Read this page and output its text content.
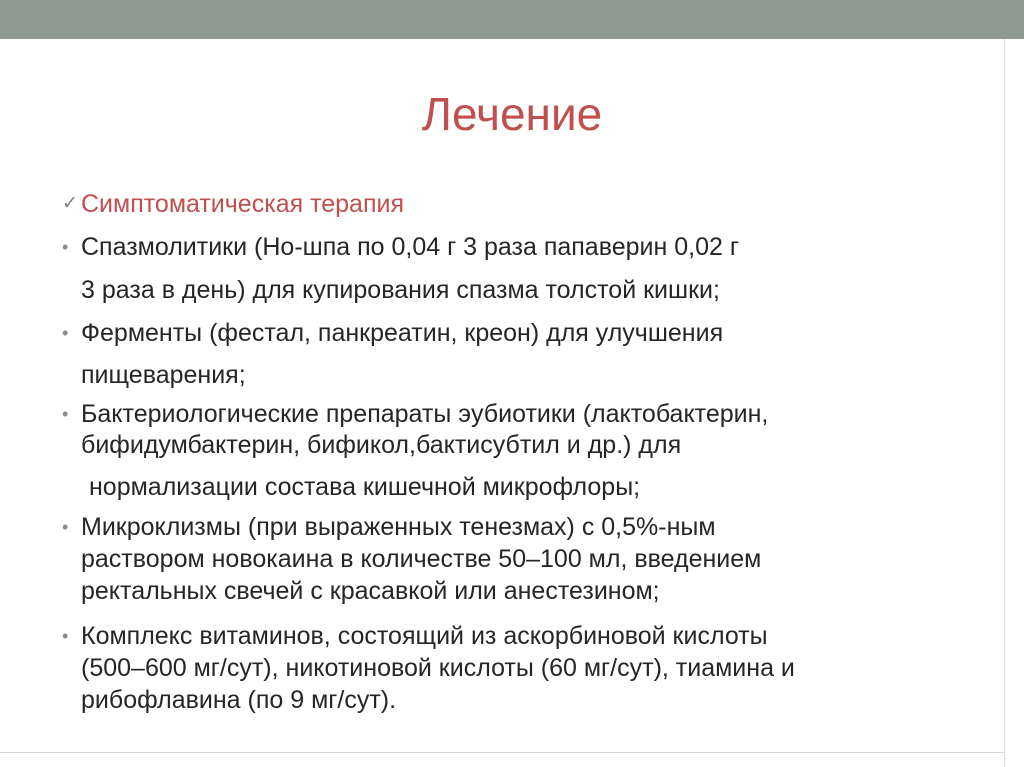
Лечение
✓ Симптоматическая терапия
• Спазмолитики (Но-шпа по 0,04 г 3 раза папаверин 0,02 г
3 раза в день) для купирования спазма толстой кишки;
• Ферменты (фестал, панкреатин, креон) для улучшения
пищеварения;
• Бактериологические препараты эубиотики (лактобактерин,
бифидумбактерин, бификол,бактисубтил и др.) для
нормализации состава кишечной микрофлоры;
• Микроклизмы (при выраженных тенезмах) с 0,5%-ным
раствором новокаина в количестве 50–100 мл, введением
ректальных свечей с красавкой или анестезином;
• Комплекс витаминов, состоящий из аскорбиновой кислоты
(500–600 мг/сут), никотиновой кислоты (60 мг/сут), тиамина и
рибофлавина (по 9 мг/сут).
